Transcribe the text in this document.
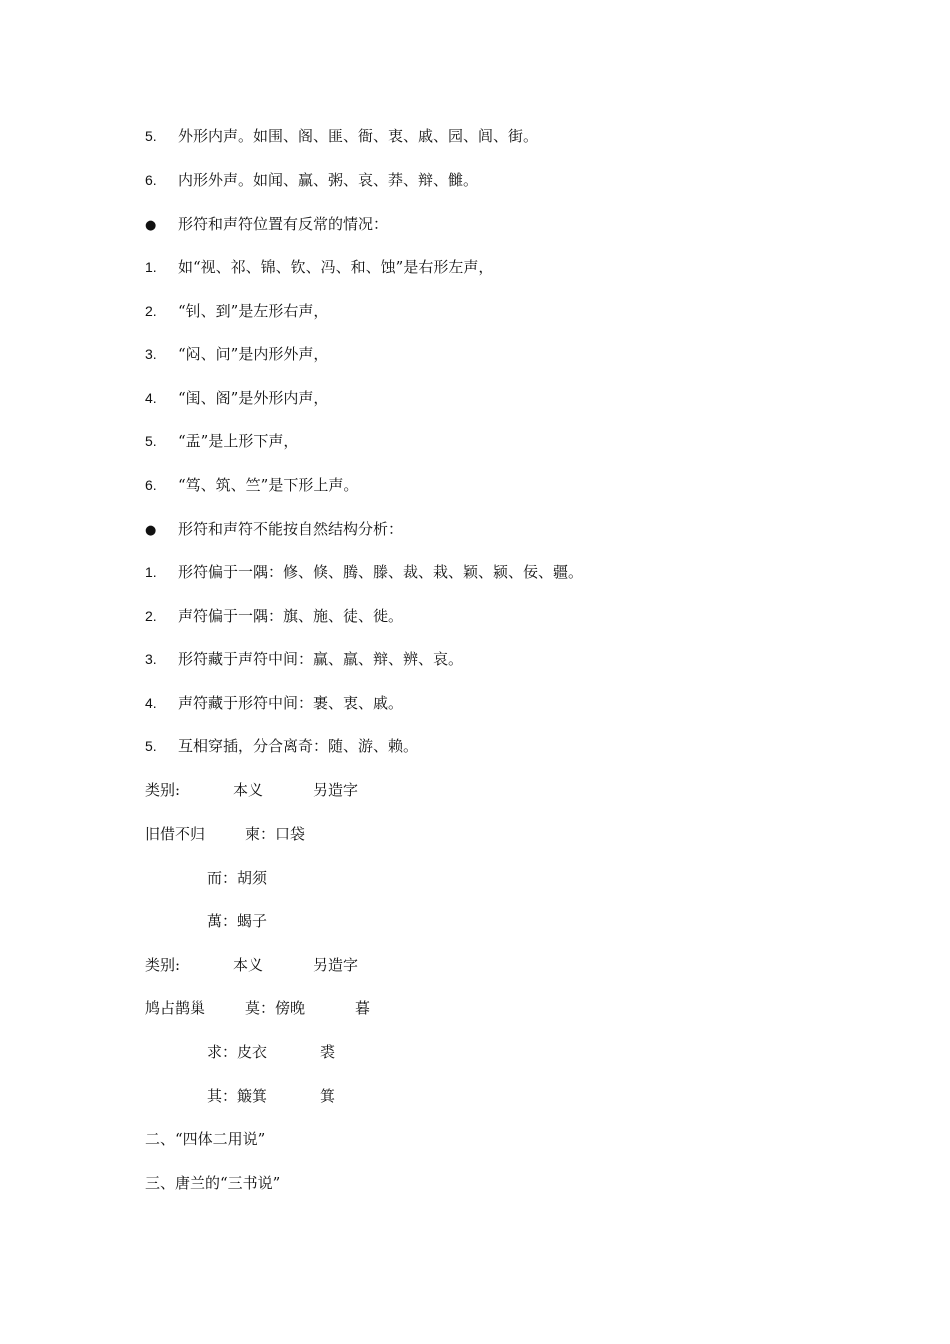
5. 外形内声。如围、阁、匪、衙、衷、戚、园、闾、街。
6. 内形外声。如闻、赢、粥、哀、莽、辩、雠。
● 形符和声符位置有反常的情况：
1. 如“视、祁、锦、钦、冯、和、蚀”是右形左声，
2. “钊、到”是左形右声，
3. “闷、问”是内形外声，
4. “闺、阁”是外形内声，
5. “盂”是上形下声，
6. “笃、筑、竺”是下形上声。
● 形符和声符不能按自然结构分析：
1. 形符偏于一隅：修、倏、腾、滕、裁、栽、颖、颍、佞、疆。
2. 声符偏于一隅：旗、施、徒、徙。
3. 形符藏于声符中间：赢、羸、辩、辨、哀。
4. 声符藏于形符中间：裹、衷、戚。
5. 互相穿插，分合离奇：随、游、赖。
类别:	本义	另造字
旧借不归	柬：口袋
而：胡须
萬：蝎子
类别:	本义	另造字
鸠占鹊巢	莫：傍晚	暮
求：皮衣	裘
其：簸箕	箕
二、“四体二用说”
三、唐兰的“三书说”
